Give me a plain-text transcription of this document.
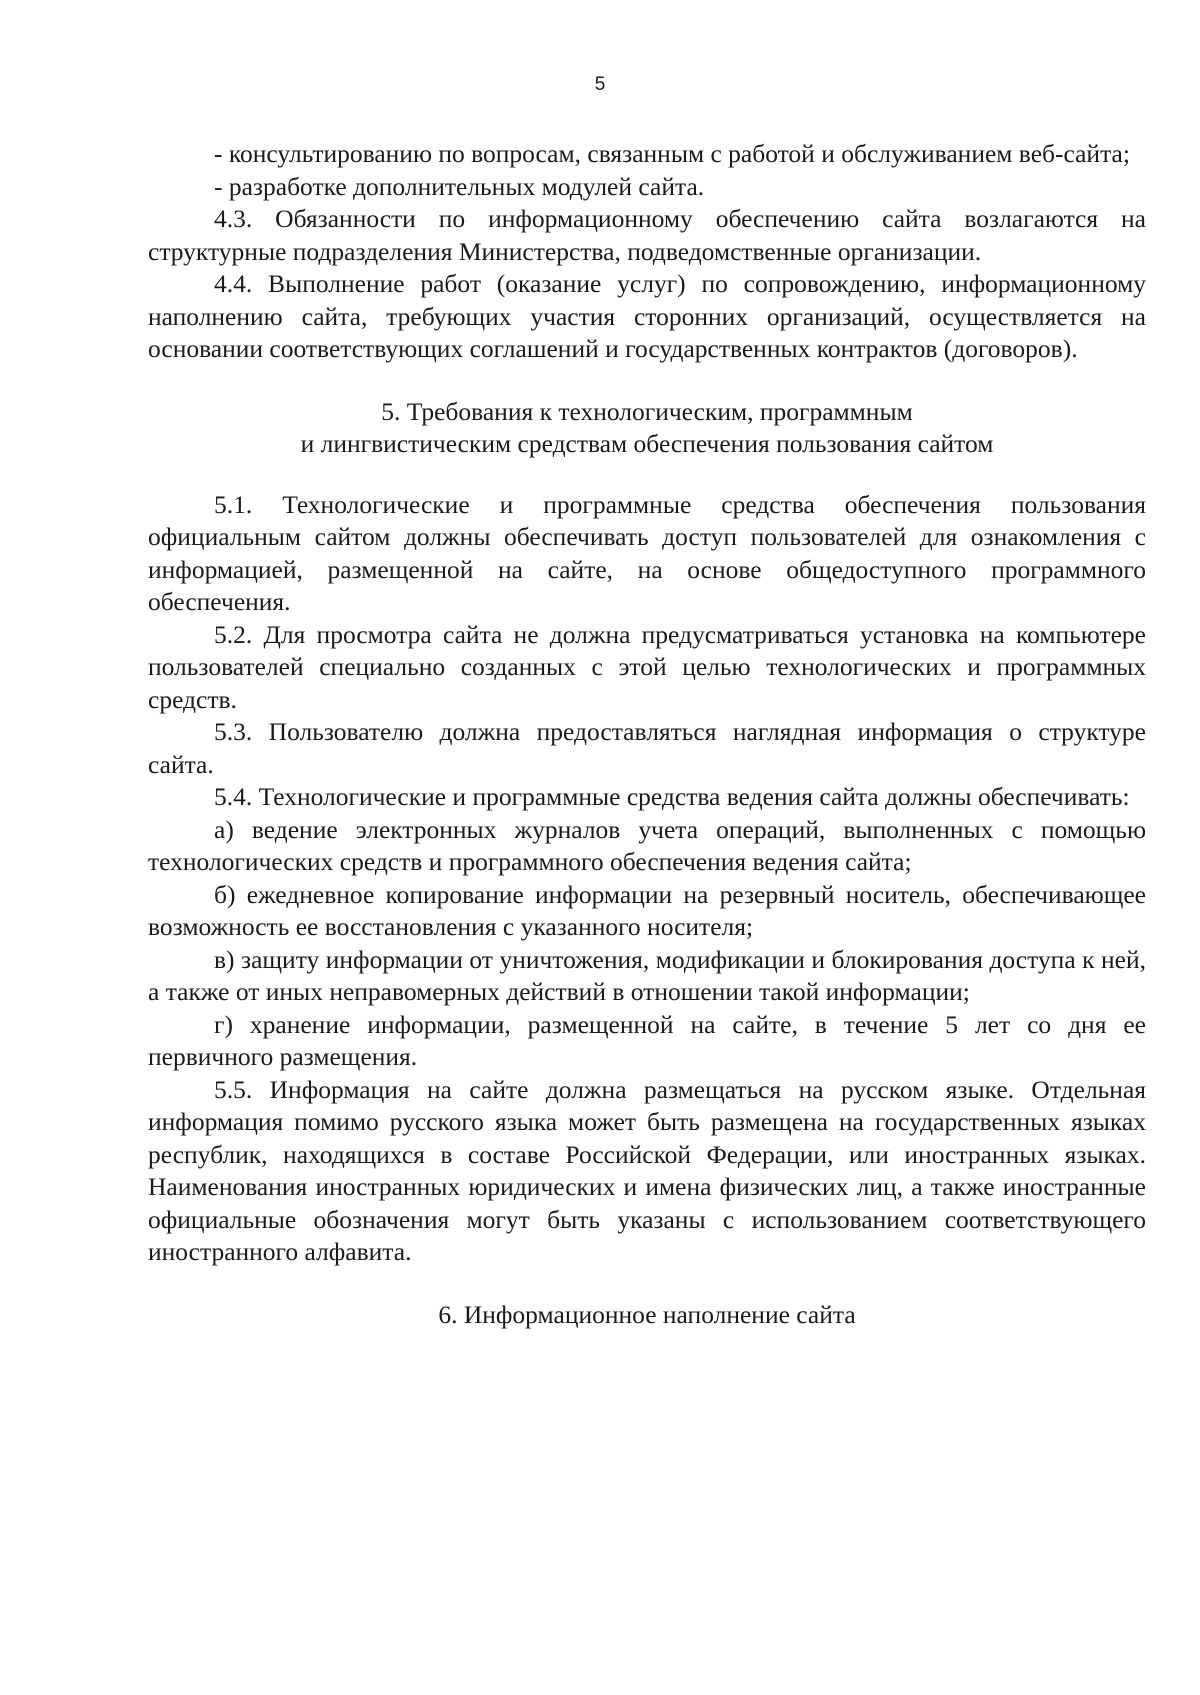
5

- консультированию по вопросам, связанным с работой и обслуживанием веб-сайта;

- разработке дополнительных модулей сайта.

4.3. Обязанности по информационному обеспечению сайта возлагаются на структурные подразделения Министерства, подведомственные организации.

4.4. Выполнение работ (оказание услуг) по сопровождению, информационному наполнению сайта, требующих участия сторонних организаций, осуществляется на основании соответствующих соглашений и государственных контрактов (договоров).

5. Требования к технологическим, программным
и лингвистическим средствам обеспечения пользования сайтом

5.1. Технологические и программные средства обеспечения пользования официальным сайтом должны обеспечивать доступ пользователей для ознакомления с информацией, размещенной на сайте, на основе общедоступного программного обеспечения.

5.2. Для просмотра сайта не должна предусматриваться установка на компьютере пользователей специально созданных с этой целью технологических и программных средств.

5.3. Пользователю должна предоставляться наглядная информация о структуре сайта.

5.4. Технологические и программные средства ведения сайта должны обеспечивать:

а) ведение электронных журналов учета операций, выполненных с помощью технологических средств и программного обеспечения ведения сайта;

б) ежедневное копирование информации на резервный носитель, обеспечивающее возможность ее восстановления с указанного носителя;

в) защиту информации от уничтожения, модификации и блокирования доступа к ней, а также от иных неправомерных действий в отношении такой информации;

г) хранение информации, размещенной на сайте, в течение 5 лет со дня ее первичного размещения.

5.5. Информация на сайте должна размещаться на русском языке. Отдельная информация помимо русского языка может быть размещена на государственных языках республик, находящихся в составе Российской Федерации, или иностранных языках. Наименования иностранных юридических и имена физических лиц, а также иностранные официальные обозначения могут быть указаны с использованием соответствующего иностранного алфавита.

6. Информационное наполнение сайта
